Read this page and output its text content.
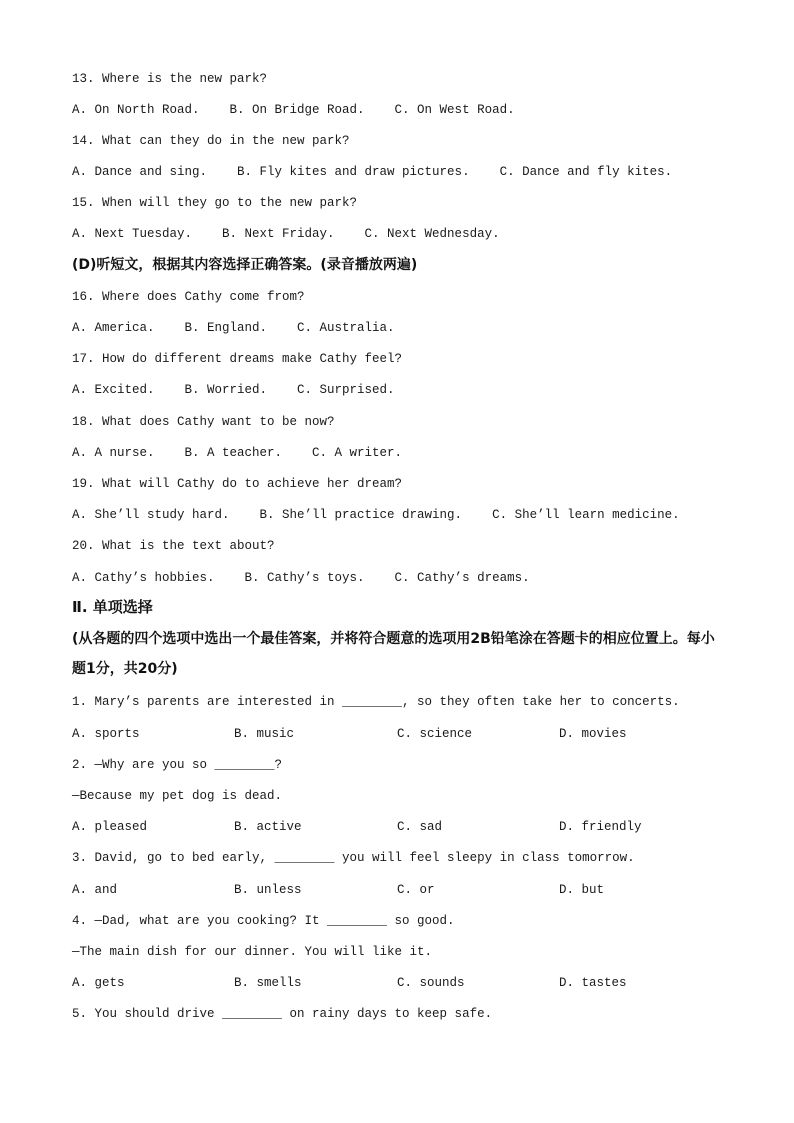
13. Where is the new park?
A. On North Road.    B. On Bridge Road.    C. On West Road.
14. What can they do in the new park?
A. Dance and sing.    B. Fly kites and draw pictures.    C. Dance and fly kites.
15. When will they go to the new park?
A. Next Tuesday.    B. Next Friday.    C. Next Wednesday.
(D)听短文，根据其内容选择正确答案。(录音播放两遍)
16. Where does Cathy come from?
A. America.    B. England.    C. Australia.
17. How do different dreams make Cathy feel?
A. Excited.    B. Worried.    C. Surprised.
18. What does Cathy want to be now?
A. A nurse.    B. A teacher.    C. A writer.
19. What will Cathy do to achieve her dream?
A. She’ll study hard.    B. She’ll practice drawing.    C. She’ll learn medicine.
20. What is the text about?
A. Cathy’s hobbies.    B. Cathy’s toys.    C. Cathy’s dreams.
Ⅱ. 单项选择
(从各题的四个选项中选出一个最佳答案，并将符合题意的选项用2B铅笔涂在答题卡的相应位置上。每小
题1分，共20分)
1. Mary’s parents are interested in ________, so they often take her to concerts.
A. sports	B. music	C. science	D. movies
2. —Why are you so ________?
—Because my pet dog is dead.
A. pleased	B. active	C. sad	D. friendly
3. David, go to bed early, ________ you will feel sleepy in class tomorrow.
A. and	B. unless	C. or	D. but
4. —Dad, what are you cooking? It ________ so good.
—The main dish for our dinner. You will like it.
A. gets	B. smells	C. sounds	D. tastes
5. You should drive ________ on rainy days to keep safe.
